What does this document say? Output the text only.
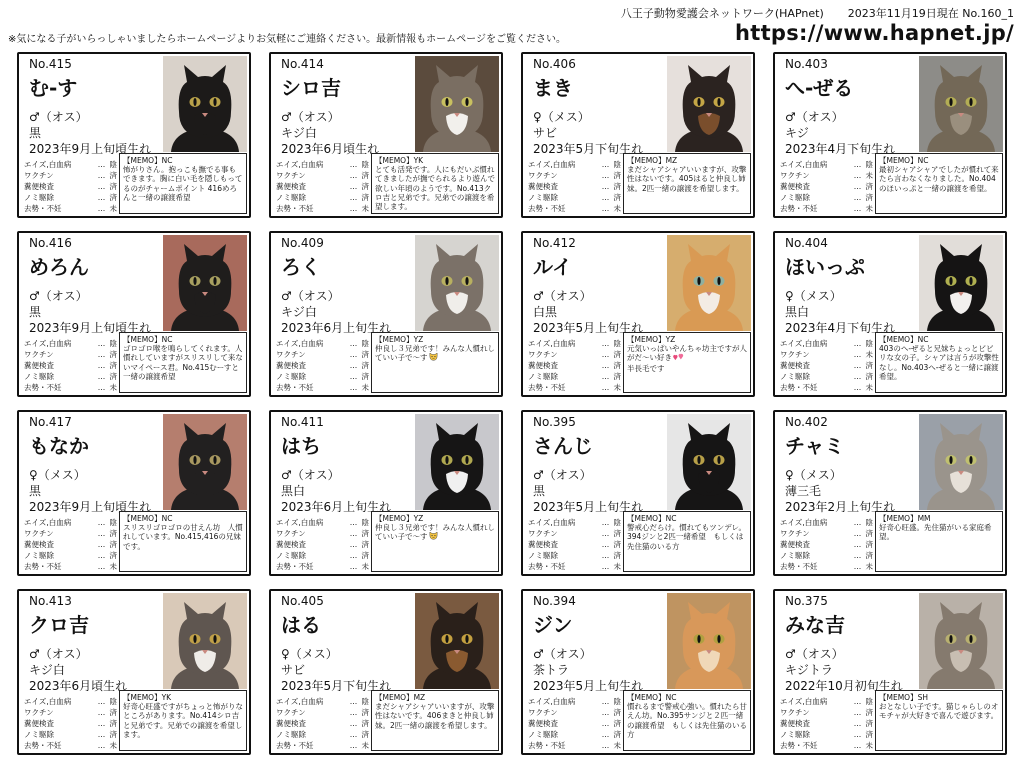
八王子動物愛護会ネットワーク(HAPnet) 2023年11月19日現在 No.160_1
※気になる子がいらっしゃいましたらホームページよりお気軽にご連絡ください。最新情報もホームページをご覧ください。	https://www.hapnet.jp/
No.415
む-す
♂（オス）
黒
2023年9月上旬頃生れ
エイズ,白血病	… 陰
ワクチン	… 済
糞便検査	… 済
ノミ駆除	… 済
去勢・不妊	… 未
【MEMO】NC
怖がりさん。抱っこも撫でる事もできます。胸に白い毛を隠しもってるのがチャームポイント 416めろんと一緒の譲渡希望
No.414
シロ吉
♂（オス）
キジ白
2023年6月頃生れ
エイズ,白血病	… 陰
ワクチン	… 済
糞便検査	… 済
ノミ駆除	… 済
去勢・不妊	… 未
【MEMO】YK
とても活発です。人にもだいぶ慣れてきましたが撫でられるより遊んで欲しい年頃のようです。No.413クロ吉と兄弟です。兄弟での譲渡を希望します。
No.406
まき
♀（メス）
サビ
2023年5月下旬生れ
エイズ,白血病	… 陰
ワクチン	… 済
糞便検査	… 済
ノミ駆除	… 済
去勢・不妊	… 未
【MEMO】MZ
まだシャアシャアいいますが、攻撃性はないです。405はると仲良し姉妹。2匹一緒の譲渡を希望します。
No.403
へ-ぜる
♂（オス）
キジ
2023年4月下旬生れ
エイズ,白血病	… 陰
ワクチン	… 未
糞便検査	… 済
ノミ駆除	… 済
去勢・不妊	… 未
【MEMO】NC
最初シャアシャアでしたが慣れて来たら言わなくなりました。No.404のほいっぷと一緒の譲渡を希望。
No.416
めろん
♂（オス）
黒
2023年9月上旬頃生れ
エイズ,白血病	… 陰
ワクチン	… 済
糞便検査	… 済
ノミ駆除	… 済
去勢・不妊	… 未
【MEMO】NC
ゴロゴロ喉を鳴らしてくれます。人慣れしていますがスリスリして来ないマイペース君。No.415むーすと一緒の譲渡希望
No.409
ろく
♂（オス）
キジ白
2023年6月上旬生れ
エイズ,白血病	… 陰
ワクチン	… 済
糞便検査	… 済
ノミ駆除	… 済
去勢・不妊	… 未
【MEMO】YZ
仲良し３兄弟です！みんな人慣れしていい子で〜す
No.412
ルイ
♂（オス）
白黒
2023年5月上旬生れ
エイズ,白血病	… 陰
ワクチン	… 済
糞便検査	… 済
ノミ駆除	… 済
去勢・不妊	… 未
【MEMO】YZ
元気いっぱいやんちゃ坊主ですが人がだ〜い好き
半長毛です
No.404
ほいっぷ
♀（メス）
黒白
2023年4月下旬生れ
エイズ,白血病	… 陰
ワクチン	… 未
糞便検査	… 済
ノミ駆除	… 済
去勢・不妊	… 未
【MEMO】NC
403のへ-ぜると兄妹ちょっとビビリな女の子。シャアは言うが攻撃性なし。No.403へ-ぜると一緒に譲渡希望。
No.417
もなか
♀（メス）
黒
2023年9月上旬頃生れ
エイズ,白血病	… 陰
ワクチン	… 済
糞便検査	… 済
ノミ駆除	… 済
去勢・不妊	… 未
【MEMO】NC
スリスリゴロゴロの甘えん坊　人慣れしています。No.415,416の兄妹です。
No.411
はち
♂（オス）
黒白
2023年6月上旬生れ
エイズ,白血病	… 陰
ワクチン	… 済
糞便検査	… 済
ノミ駆除	… 済
去勢・不妊	… 未
【MEMO】YZ
仲良し３兄弟です！みんな人慣れしていい子で〜す
No.395
さんじ
♂（オス）
黒
2023年5月上旬生れ
エイズ,白血病	… 陰
ワクチン	… 済
糞便検査	… 済
ノミ駆除	… 済
去勢・不妊	… 未
【MEMO】NC
警戒心だらけ。慣れてもツンデレ。394ジンと2匹一緒希望　もしくは先住猫のいる方
No.402
チャミ
♀（メス）
薄三毛
2023年2月上旬生れ
エイズ,白血病	… 陰
ワクチン	… 済
糞便検査	… 済
ノミ駆除	… 済
去勢・不妊	… 未
【MEMO】MM
好奇心旺盛。先住猫がいる家庭希望。
No.413
クロ吉
♂（オス）
キジ白
2023年6月頃生れ
エイズ,白血病	… 陰
ワクチン	… 済
糞便検査	… 済
ノミ駆除	… 済
去勢・不妊	… 未
【MEMO】YK
好奇心旺盛ですがちょっと怖がりなところがあります。No.414シロ吉と兄弟です。兄弟での譲渡を希望します。
No.405
はる
♀（メス）
サビ
2023年5月下旬生れ
エイズ,白血病	… 陰
ワクチン	… 済
糞便検査	… 済
ノミ駆除	… 済
去勢・不妊	… 未
【MEMO】MZ
まだシャアシャアいいますが、攻撃性はないです。406まきと仲良し姉妹。2匹一緒の譲渡を希望します。
No.394
ジン
♂（オス）
茶トラ
2023年5月上旬生れ
エイズ,白血病	… 陰
ワクチン	… 済
糞便検査	… 済
ノミ駆除	… 済
去勢・不妊	… 未
【MEMO】NC
慣れるまで警戒心強い。慣れたら甘えん坊。No.395サンジと２匹一緒の譲渡希望　もしくは先住猫のいる方
No.375
みな吉
♂（オス）
キジトラ
2022年10月初旬生れ
エイズ,白血病	… 陰
ワクチン	… 済
糞便検査	… 済
ノミ駆除	… 済
去勢・不妊	… 未
【MEMO】SH
おとなしい子です。猫じゃらしのオモチャが大好きで喜んで遊びます。
